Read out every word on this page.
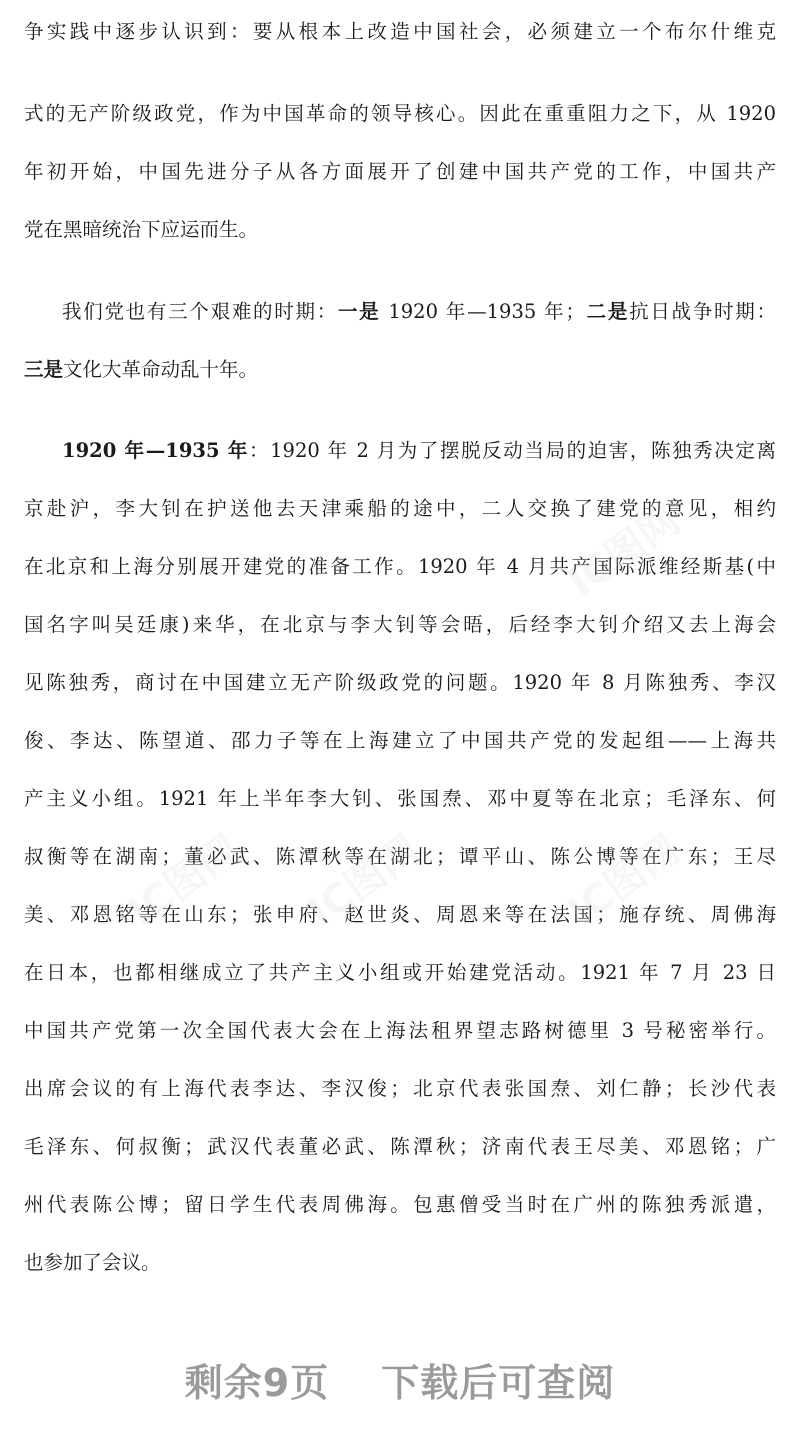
争实践中逐步认识到：要从根本上改造中国社会，必须建立一个布尔什维克
式的无产阶级政党，作为中国革命的领导核心。因此在重重阻力之下，从 1920
年初开始，中国先进分子从各方面展开了创建中国共产党的工作，中国共产
党在黑暗统治下应运而生。
我们党也有三个艰难的时期：一是 1920 年—1935 年；二是抗日战争时期：
三是文化大革命动乱十年。
1920 年—1935 年：1920 年 2 月为了摆脱反动当局的迫害，陈独秀决定离
京赴沪，李大钊在护送他去天津乘船的途中，二人交换了建党的意见，相约
在北京和上海分别展开建党的准备工作。1920 年 4 月共产国际派维经斯基(中
国名字叫吴廷康)来华，在北京与李大钊等会晤，后经李大钊介绍又去上海会
见陈独秀，商讨在中国建立无产阶级政党的问题。1920 年 8 月陈独秀、李汉
俊、李达、陈望道、邵力子等在上海建立了中国共产党的发起组——上海共
产主义小组。1921 年上半年李大钊、张国焘、邓中夏等在北京；毛泽东、何
叔衡等在湖南；董必武、陈潭秋等在湖北；谭平山、陈公博等在广东；王尽
美、邓恩铭等在山东；张申府、赵世炎、周恩来等在法国；施存统、周佛海
在日本，也都相继成立了共产主义小组或开始建党活动。1921 年 7 月 23 日
中国共产党第一次全国代表大会在上海法租界望志路树德里 3 号秘密举行。
出席会议的有上海代表李达、李汉俊；北京代表张国焘、刘仁静；长沙代表
毛泽东、何叔衡；武汉代表董必武、陈潭秋；济南代表王尽美、邓恩铭；广
州代表陈公博；留日学生代表周佛海。包惠僧受当时在广州的陈独秀派遣，
也参加了会议。
IC图网
IC图网	IC图网
IC图网
剩余9页 下载后可查阅
